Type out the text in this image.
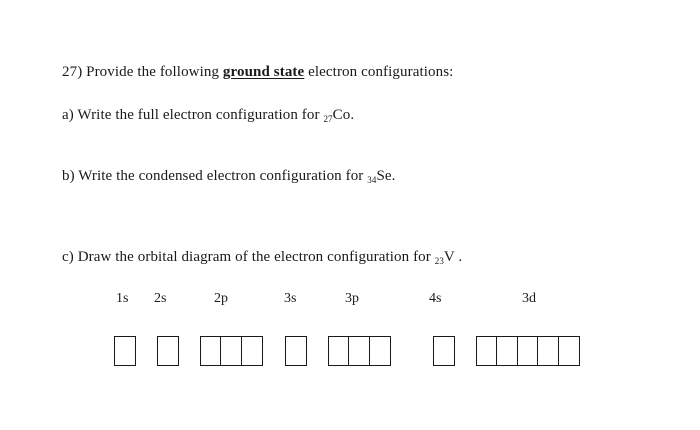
27) Provide the following ground state electron configurations:
a) Write the full electron configuration for $_{27}$Co.
b) Write the condensed electron configuration for $_{34}$Se.
c) Draw the orbital diagram of the electron configuration for $_{23}$V .
1s 2s	2p	3s	3p	4s	3d
